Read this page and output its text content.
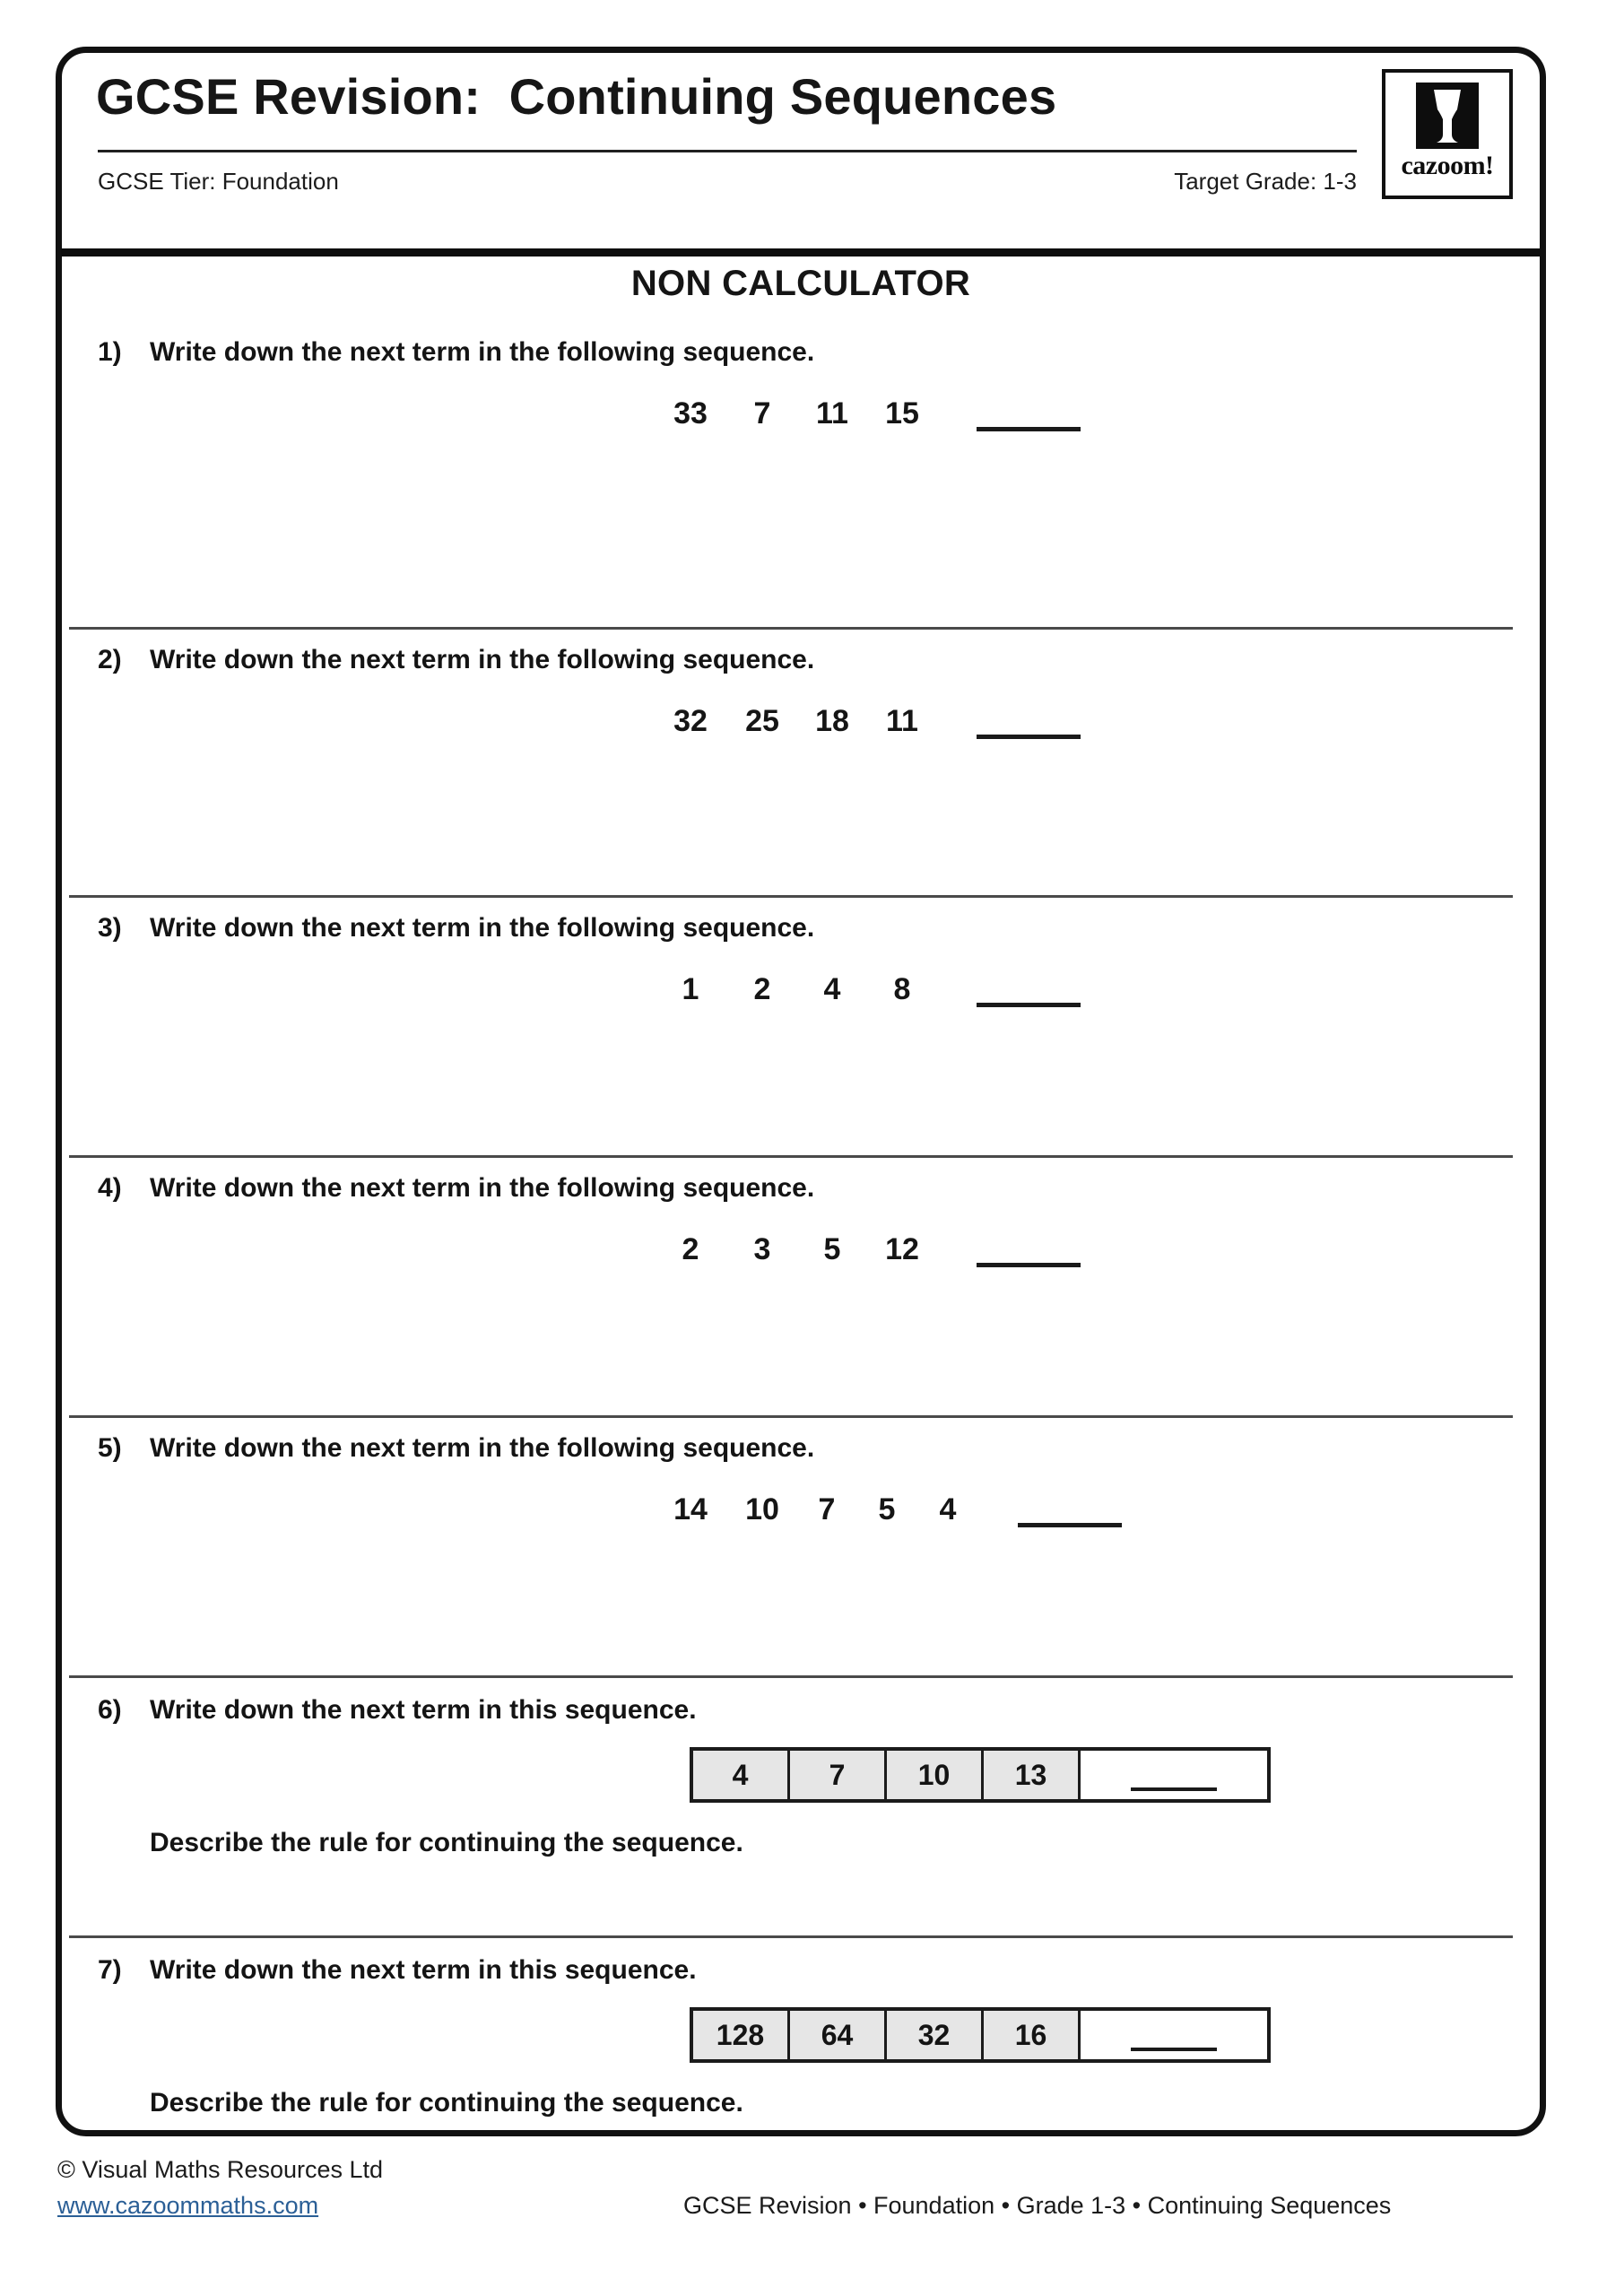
GCSE Revision:  Continuing Sequences
GCSE Tier: Foundation	Target Grade: 1-3
cazoom!
NON CALCULATOR
1) Write down the next term in the following sequence.
33	7	11	15
2) Write down the next term in the following sequence.
32	25	18	11
3) Write down the next term in the following sequence.
1	2	4	8
4) Write down the next term in the following sequence.
2	3	5	12
5) Write down the next term in the following sequence.
14	10	7	5	4
6) Write down the next term in this sequence.
4	7	10	13
Describe the rule for continuing the sequence.
7) Write down the next term in this sequence.
128	64	32	16
Describe the rule for continuing the sequence.
© Visual Maths Resources Ltd
www.cazoommaths.com	GCSE Revision • Foundation • Grade 1-3 • Continuing Sequences
